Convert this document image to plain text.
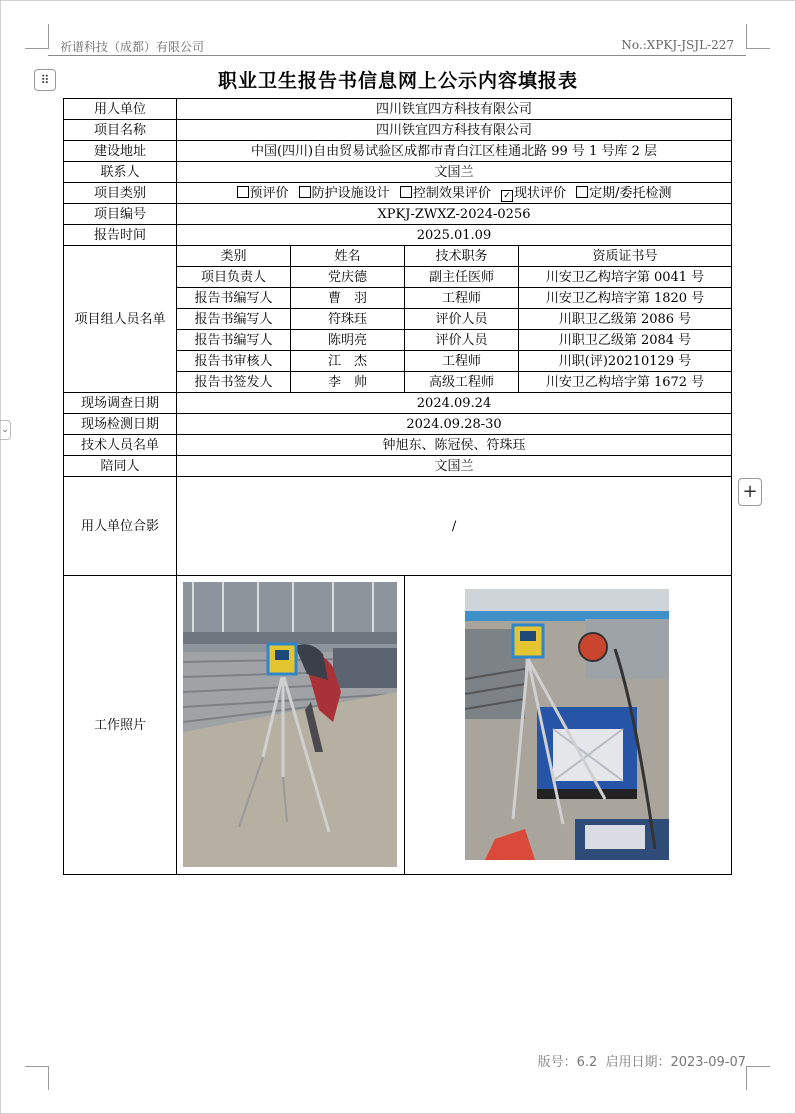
祈谱科技（成都）有限公司	No.:XPKJ-JSJL-227
⠿
⌄
职业卫生报告书信息网上公示内容填报表
用人单位	四川铁宜四方科技有限公司			
项目名称	四川铁宜四方科技有限公司			
建设地址	中国(四川)自由贸易试验区成都市青白江区桂通北路 99 号 1 号库 2 层			
联系人	文国兰			
项目类别	预评价 防护设施设计 控制效果评价 ✓ 现状评价 定期/委托检测			
项目编号	XPKJ-ZWXZ-2024-0256			
报告时间	2025.01.09			
项目组人员名单	类别	姓名	技术职务	资质证书号
	项目负责人	党庆德	副主任医师	川安卫乙构培字第 0041 号
	报告书编写人	曹　羽	工程师	川安卫乙构培字第 1820 号
	报告书编写人	符珠珏	评价人员	川职卫乙级第 2086 号
	报告书编写人	陈明亮	评价人员	川职卫乙级第 2084 号
	报告书审核人	江　杰	工程师	川职(评)20210129 号
	报告书签发人	李　帅	高级工程师	川安卫乙构培字第 1672 号
现场调查日期	2024.09.24			
现场检测日期	2024.09.28-30			
技术人员名单	钟旭东、陈冠侯、符珠珏			
陪同人	文国兰			
用人单位合影	/			
工作照片	

+
版号：6.2 启用日期：2023-09-07
